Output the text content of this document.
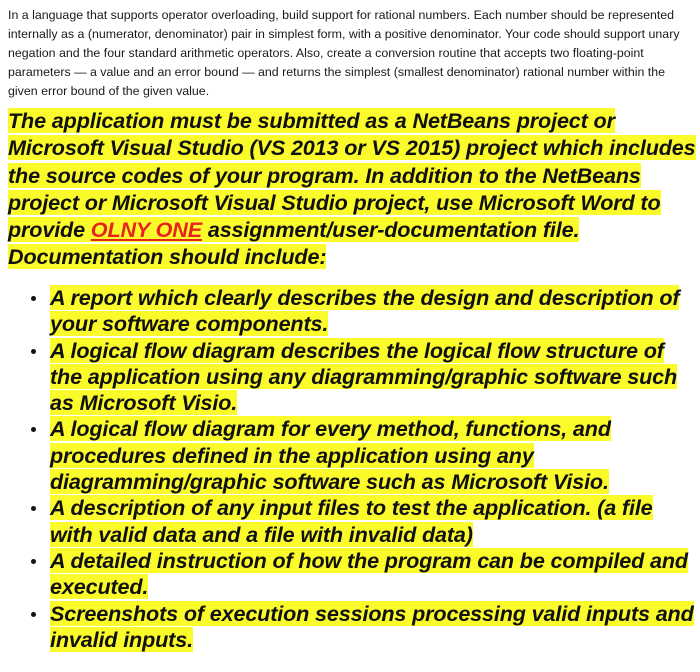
In a language that supports operator overloading, build support for rational numbers. Each number should be represented internally as a (numerator, denominator) pair in simplest form, with a positive denominator. Your code should support unary negation and the four standard arithmetic operators. Also, create a conversion routine that accepts two floating-point parameters — a value and an error bound — and returns the simplest (smallest denominator) rational number within the given error bound of the given value.

The application must be submitted as a NetBeans project or Microsoft Visual Studio (VS 2013 or VS 2015) project which includes the source codes of your program. In addition to the NetBeans project or Microsoft Visual Studio project, use Microsoft Word to provide OLNY ONE assignment/user-documentation file. Documentation should include:

A report which clearly describes the design and description of your software components.
A logical flow diagram describes the logical flow structure of the application using any diagramming/graphic software such as Microsoft Visio.
A logical flow diagram for every method, functions, and procedures defined in the application using any diagramming/graphic software such as Microsoft Visio.
A description of any input files to test the application. (a file with valid data and a file with invalid data)
A detailed instruction of how the program can be compiled and executed.
Screenshots of execution sessions processing valid inputs and invalid inputs.
